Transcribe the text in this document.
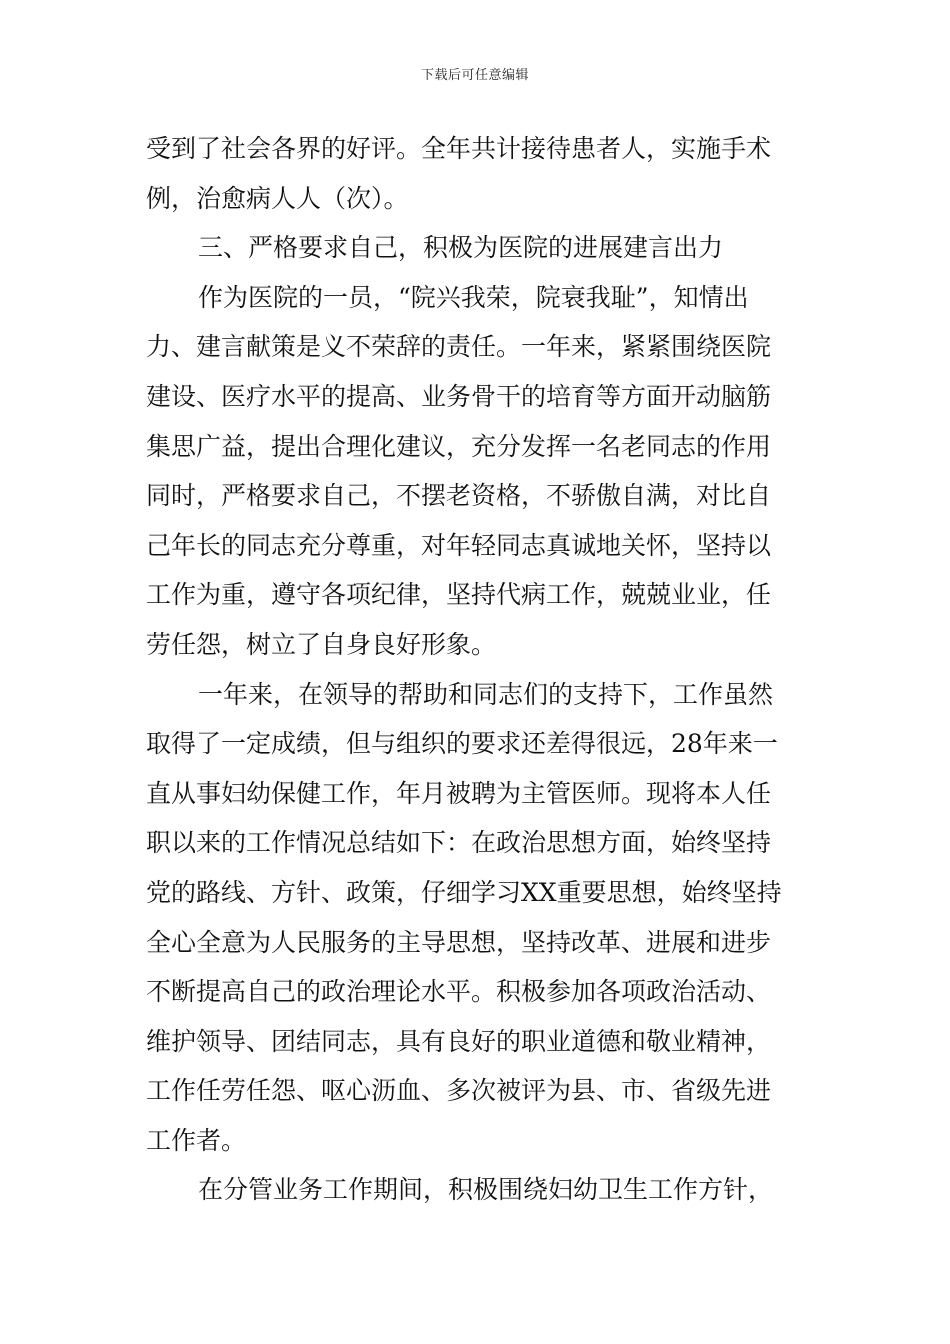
下载后可任意编辑
受到了社会各界的好评。全年共计接待患者人，实施手术
例，治愈病人人（次）。
三、严格要求自己，积极为医院的进展建言出力
作为医院的一员，“院兴我荣，院衰我耻”，知情出
力、建言献策是义不荣辞的责任。一年来，紧紧围绕医院
建设、医疗水平的提高、业务骨干的培育等方面开动脑筋
集思广益，提出合理化建议，充分发挥一名老同志的作用
同时，严格要求自己，不摆老资格，不骄傲自满，对比自
己年长的同志充分尊重，对年轻同志真诚地关怀，坚持以
工作为重，遵守各项纪律，坚持代病工作，兢兢业业，任
劳任怨，树立了自身良好形象。
一年来，在领导的帮助和同志们的支持下，工作虽然
取得了一定成绩，但与组织的要求还差得很远，28年来一
直从事妇幼保健工作，年月被聘为主管医师。现将本人任
职以来的工作情况总结如下：在政治思想方面，始终坚持
党的路线、方针、政策，仔细学习XX重要思想，始终坚持
全心全意为人民服务的主导思想，坚持改革、进展和进步
不断提高自己的政治理论水平。积极参加各项政治活动、
维护领导、团结同志，具有良好的职业道德和敬业精神，
工作任劳任怨、呕心沥血、多次被评为县、市、省级先进
工作者。
在分管业务工作期间，积极围绕妇幼卫生工作方针，
